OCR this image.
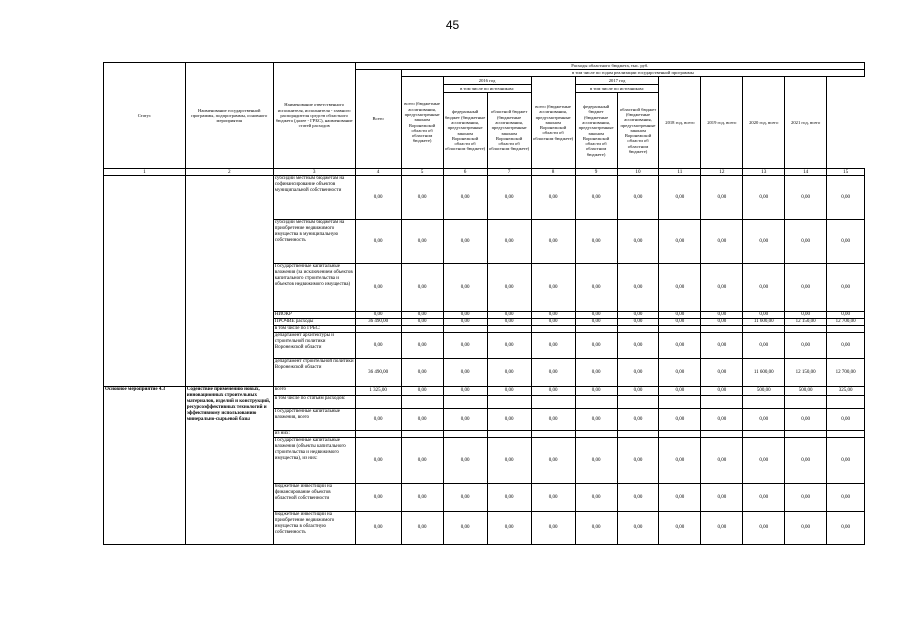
45
Статус	Наименование государственной программы, подпрограммы, основного мероприятия	Наименование ответственного исполнителя, исполнителя - главного распорядителя средств областного бюджета (далее - ГРБС), наименование статей расходов	Расходы областного бюджета, тыс. руб.											
			Всего	в том числе по годам реализации государственной программы										
				всего (бюджетные ассигнования, предусмотренные законом Воронежской области об областном бюджете)	2016 год		всего (бюджетные ассигнования, предусмотренные законом Воронежской области об областном бюджете)	2017 год		2018 год, всего	2019 год, всего	2020 год, всего	2021 год, всего	
					в том числе по источникам:			в том числе по источникам:						
					федеральный бюджет (бюджетные ассигнования, предусмотренные законом Воронежской области об областном бюджете)	областной бюджет (бюджетные ассигнования, предусмотренные законом Воронежской области об областном бюджете)		федеральный бюджет (бюджетные ассигнования, предусмотренные законом Воронежской области об областном бюджете)	областной бюджет (бюджетные ассигнования, предусмотренные законом Воронежской области об областном бюджете)					
1	2	3	4	5	6	7	8	9	10	11	12	13	14	15
		субсидии местным бюджетам на софинансирование объектов муниципальной собственности	0,00	0,00	0,00	0,00	0,00	0,00	0,00	0,00	0,00	0,00	0,00	0,00
		субсидии местным бюджетам на приобретение недвижимого имущества в муниципальную собственность	0,00	0,00	0,00	0,00	0,00	0,00	0,00	0,00	0,00	0,00	0,00	0,00
		Государственные капитальные вложения (за исключением объектов капитального строительства и объектов недвижимого имущества)	0,00	0,00	0,00	0,00	0,00	0,00	0,00	0,00	0,00	0,00	0,00	0,00
		НИОКР	0,00	0,00	0,00	0,00	0,00	0,00	0,00	0,00	0,00	0,00	0,00	0,00
		ПРОЧИЕ расходы	36 490,00	0,00	0,00	0,00	0,00	0,00	0,00	0,00	0,00	11 600,00	12 150,00	12 700,00
		в том числе по ГРБС:												
		департамент архитектуры и строительной политики Воронежской области	0,00	0,00	0,00	0,00	0,00	0,00	0,00	0,00	0,00	0,00	0,00	0,00
		департамент строительной политики Воронежской области	36 490,00	0,00	0,00	0,00	0,00	0,00	0,00	0,00	0,00	11 600,00	12 150,00	12 700,00
Основное мероприятие 4.3	Содействие применению новых, инновационных строительных материалов, изделий и конструкций, ресурсоэффективных технологий и эффективному использованию минерально-сырьевой базы	всего	1 325,00	0,00	0,00	0,00	0,00	0,00	0,00	0,00	0,00	500,00	500,00	325,00
		в том числе по статьям расходов:												
		Государственные капитальные вложения, всего	0,00	0,00	0,00	0,00	0,00	0,00	0,00	0,00	0,00	0,00	0,00	0,00
		из них:												
		Государственные капитальные вложения (объекты капитального строительства и недвижимого имущества), из них:	0,00	0,00	0,00	0,00	0,00	0,00	0,00	0,00	0,00	0,00	0,00	0,00
		бюджетные инвестиции на финансирование объектов областной собственности	0,00	0,00	0,00	0,00	0,00	0,00	0,00	0,00	0,00	0,00	0,00	0,00
		бюджетные инвестиции на приобретение недвижимого имущества в областную собственность	0,00	0,00	0,00	0,00	0,00	0,00	0,00	0,00	0,00	0,00	0,00	0,00
